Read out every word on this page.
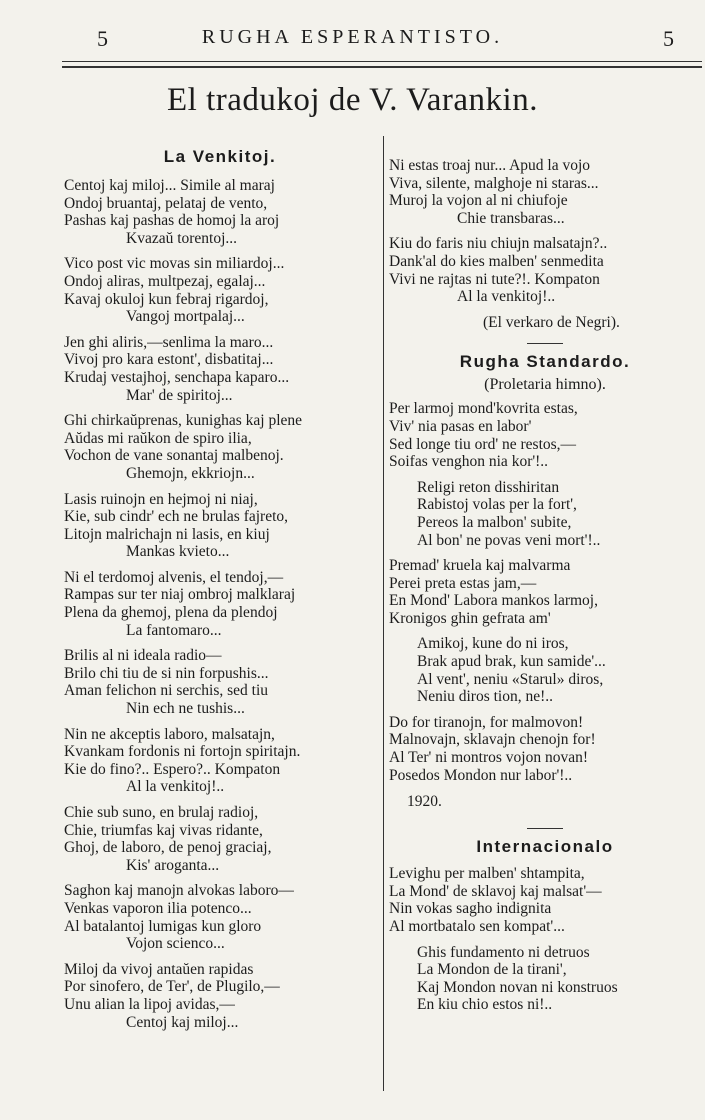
5	RUGHA ESPERANTISTO.	5
El tradukoj de V. Varankin.
La Venkitoj.
Centoj kaj miloj... Simile al maraj
Ondoj bruantaj, pelataj de vento,
Pashas kaj pashas de homoj la aroj
Kvazaŭ torentoj...
Vico post vic movas sin miliardoj...
Ondoj aliras, multpezaj, egalaj...
Kavaj okuloj kun febraj rigardoj,
Vangoj mortpalaj...
Jen ghi aliris,—senlima la maro...
Vivoj pro kara estont', disbatitaj...
Krudaj vestajhoj, senchapa kaparo...
Mar' de spiritoj...
Ghi chirkaŭprenas, kunighas kaj plene
Aŭdas mi raŭkon de spiro ilia,
Vochon de vane sonantaj malbenoj.
Ghemojn, ekkriojn...
Lasis ruinojn en hejmoj ni niaj,
Kie, sub cindr' ech ne brulas fajreto,
Litojn malrichajn ni lasis, en kiuj
Mankas kvieto...
Ni el terdomoj alvenis, el tendoj,—
Rampas sur ter niaj ombroj malklaraj
Plena da ghemoj, plena da plendoj
La fantomaro...
Brilis al ni ideala radio—
Brilo chi tiu de si nin forpushis...
Aman felichon ni serchis, sed tiu
Nin ech ne tushis...
Nin ne akceptis laboro, malsatajn,
Kvankam fordonis ni fortojn spiritajn.
Kie do fino?.. Espero?.. Kompaton
Al la venkitoj!..
Chie sub suno, en brulaj radioj,
Chie, triumfas kaj vivas ridante,
Ghoj, de laboro, de penoj graciaj,
Kis' aroganta...
Saghon kaj manojn alvokas laboro—
Venkas vaporon ilia potenco...
Al batalantoj lumigas kun gloro
Vojon scienco...
Miloj da vivoj antaŭen rapidas
Por sinofero, de Ter', de Plugilo,—
Unu alian la lipoj avidas,—
Centoj kaj miloj...
Ni estas troaj nur... Apud la vojo
Viva, silente, malghoje ni staras...
Muroj la vojon al ni chiufoje
Chie transbaras...
Kiu do faris niu chiujn malsatajn?..
Dank'al do kies malben' senmedita
Vivi ne rajtas ni tute?!. Kompaton
Al la venkitoj!..
(El verkaro de Negri).
Rugha Standardo.
(Proletaria himno).
Per larmoj mond'kovrita estas,
Viv' nia pasas en labor'
Sed longe tiu ord' ne restos,—
Soifas venghon nia kor'!..
Religi reton disshiritan
Rabistoj volas per la fort',
Pereos la malbon' subite,
Al bon' ne povas veni mort'!..
Premad' kruela kaj malvarma
Perei preta estas jam,—
En Mond' Labora mankos larmoj,
Kronigos ghin gefrata am'
Amikoj, kune do ni iros,
Brak apud brak, kun samide'...
Al vent', neniu «Starul» diros,
Neniu diros tion, ne!..
Do for tiranojn, for malmovon!
Malnovajn, sklavajn chenojn for!
Al Ter' ni montros vojon novan!
Posedos Mondon nur labor'!..
1920.
Internacionalo
Levighu per malben' shtampita,
La Mond' de sklavoj kaj malsat'—
Nin vokas sagho indignita
Al mortbatalo sen kompat'...
Ghis fundamento ni detruos
La Mondon de la tirani',
Kaj Mondon novan ni konstruos
En kiu chio estos ni!..
